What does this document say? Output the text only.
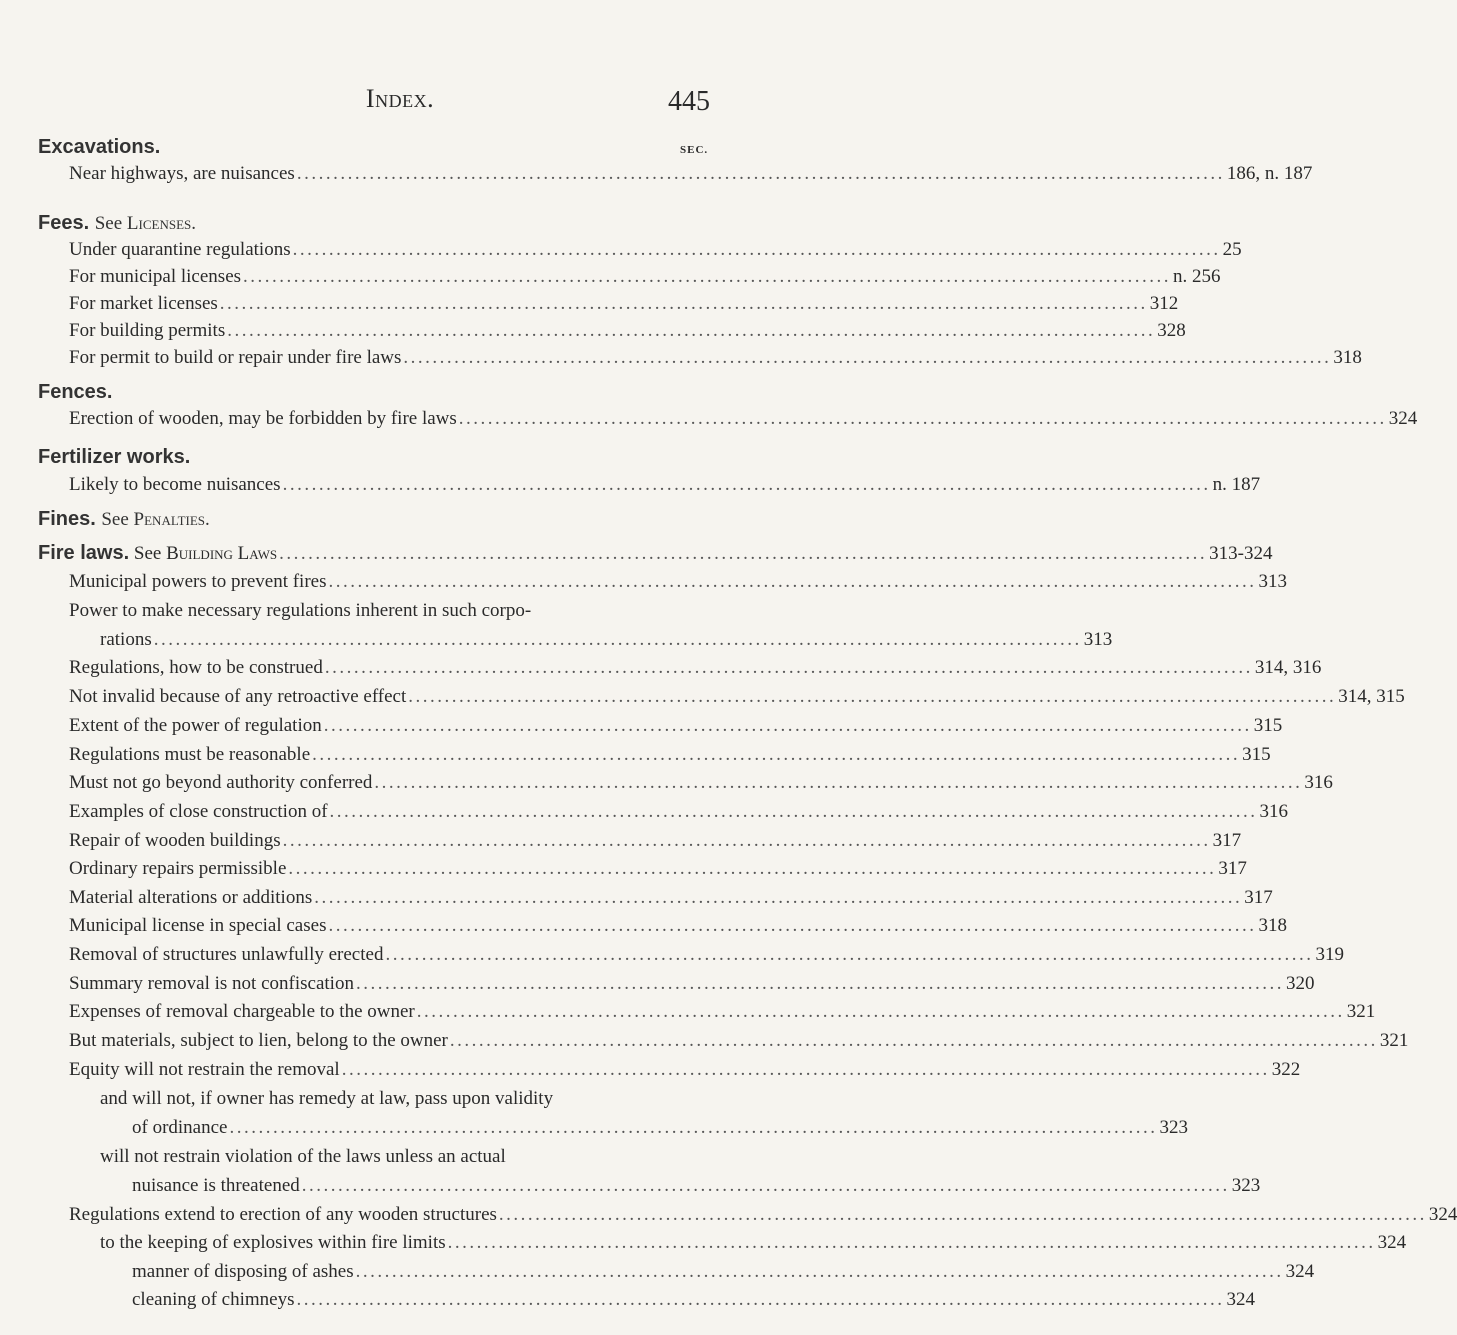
Index.	445
Excavations.	SEC.
Near highways, are nuisances ................................................................................................................................ 186, n. 187
Fees. See Licenses.
Under quarantine regulations ................................................................................................................................ 25
For municipal licenses ................................................................................................................................ n. 256
For market licenses ................................................................................................................................ 312
For building permits ................................................................................................................................ 328
For permit to build or repair under fire laws ................................................................................................................................ 318
Fences.
Erection of wooden, may be forbidden by fire laws ................................................................................................................................ 324
Fertilizer works.
Likely to become nuisances ................................................................................................................................ n. 187
Fines. See Penalties.
Fire laws. See Building Laws ................................................................................................................................ 313-324
Municipal powers to prevent fires ................................................................................................................................ 313
Power to make necessary regulations inherent in such corpo-
rations ................................................................................................................................ 313
Regulations, how to be construed ................................................................................................................................ 314, 316
Not invalid because of any retroactive effect ................................................................................................................................ 314, 315
Extent of the power of regulation ................................................................................................................................ 315
Regulations must be reasonable ................................................................................................................................ 315
Must not go beyond authority conferred ................................................................................................................................ 316
Examples of close construction of ................................................................................................................................ 316
Repair of wooden buildings ................................................................................................................................ 317
Ordinary repairs permissible ................................................................................................................................ 317
Material alterations or additions ................................................................................................................................ 317
Municipal license in special cases ................................................................................................................................ 318
Removal of structures unlawfully erected ................................................................................................................................ 319
Summary removal is not confiscation ................................................................................................................................ 320
Expenses of removal chargeable to the owner ................................................................................................................................ 321
But materials, subject to lien, belong to the owner ................................................................................................................................ 321
Equity will not restrain the removal ................................................................................................................................ 322
and will not, if owner has remedy at law, pass upon validity
of ordinance ................................................................................................................................ 323
will not restrain violation of the laws unless an actual
nuisance is threatened ................................................................................................................................ 323
Regulations extend to erection of any wooden structures ................................................................................................................................ 324
to the keeping of explosives within fire limits ................................................................................................................................ 324
manner of disposing of ashes ................................................................................................................................ 324
cleaning of chimneys ................................................................................................................................ 324
